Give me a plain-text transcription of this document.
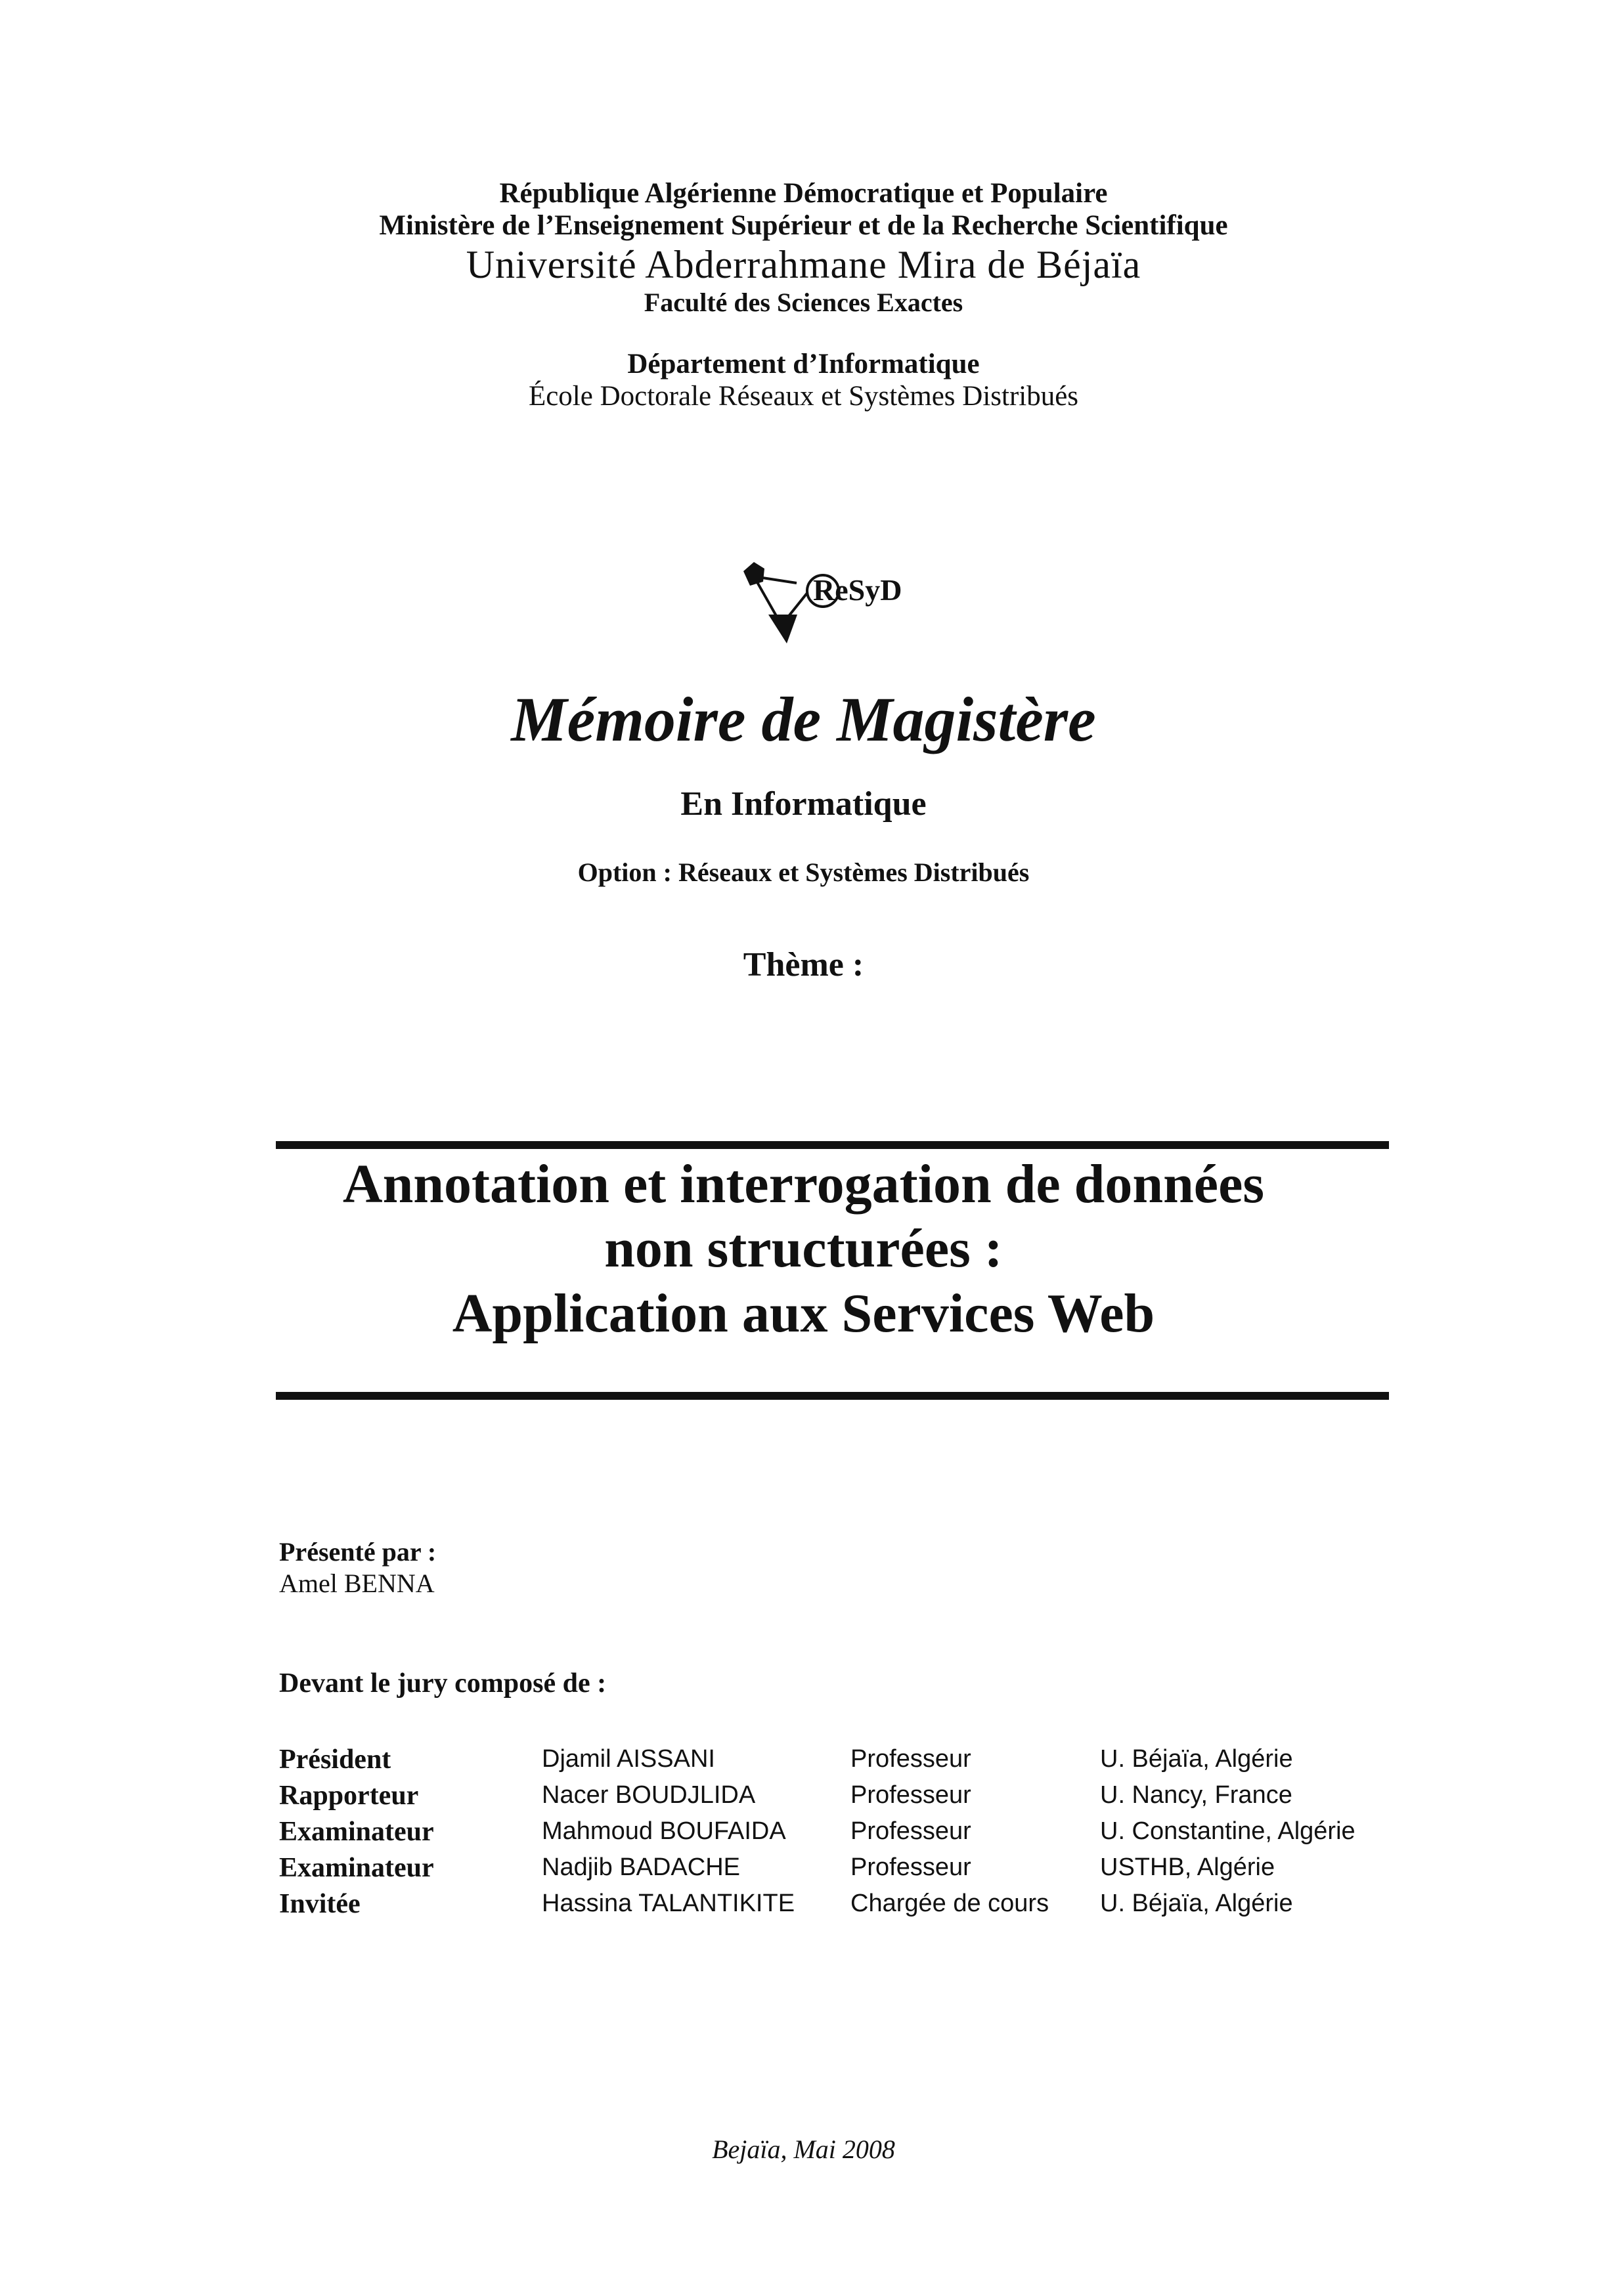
République Algérienne Démocratique et Populaire
Ministère de l’Enseignement Supérieur et de la Recherche Scientifique
Université Abderrahmane Mira de Béjaïa
Faculté des Sciences Exactes
Département d’Informatique
École Doctorale Réseaux et Systèmes Distribués
ReSyD
Mémoire de Magistère
En Informatique
Option : Réseaux et Systèmes Distribués
Thème :
Annotation et interrogation de données
non structurées :
Application aux Services Web
Présenté par :
Amel BENNA
Devant le jury composé de :
Président	Djamil AISSANI	Professeur	U. Béjaïa, Algérie
Rapporteur	Nacer BOUDJLIDA	Professeur	U. Nancy, France
Examinateur	Mahmoud BOUFAIDA	Professeur	U. Constantine, Algérie
Examinateur	Nadjib BADACHE	Professeur	USTHB, Algérie
Invitée	Hassina TALANTIKITE	Chargée de cours	U. Béjaïa, Algérie
Bejaïa, Mai 2008
